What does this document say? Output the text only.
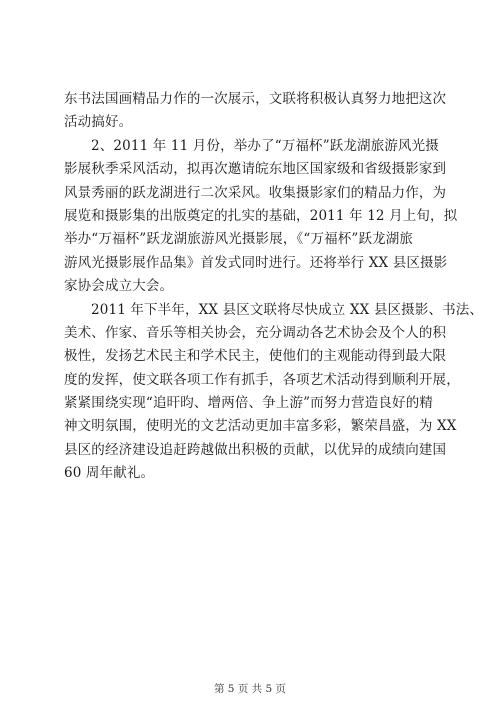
东书法国画精品力作的一次展示，文联将积极认真努力地把这次
活动搞好。
2、2011 年 11 月份，举办了“万福杯”跃龙湖旅游风光摄
影展秋季采风活动，拟再次邀请皖东地区国家级和省级摄影家到
风景秀丽的跃龙湖进行二次采风。收集摄影家们的精品力作，为
展览和摄影集的出版奠定的扎实的基础，2011 年 12 月上旬，拟
举办“万福杯”跃龙湖旅游风光摄影展，《“万福杯”跃龙湖旅
游风光摄影展作品集》首发式同时进行。还将举行 XX 县区摄影
家协会成立大会。
2011 年下半年，XX 县区文联将尽快成立 XX 县区摄影、书法、
美术、作家、音乐等相关协会，充分调动各艺术协会及个人的积
极性，发扬艺术民主和学术民主，使他们的主观能动得到最大限
度的发挥，使文联各项工作有抓手，各项艺术活动得到顺利开展，
紧紧围绕实现“追旰昀、增两倍、争上游”而努力营造良好的精
神文明氛围，使明光的文艺活动更加丰富多彩，繁荣昌盛，为 XX
县区的经济建设追赶跨越做出积极的贡献，以优异的成绩向建国
60 周年献礼。
第 5 页 共 5 页
